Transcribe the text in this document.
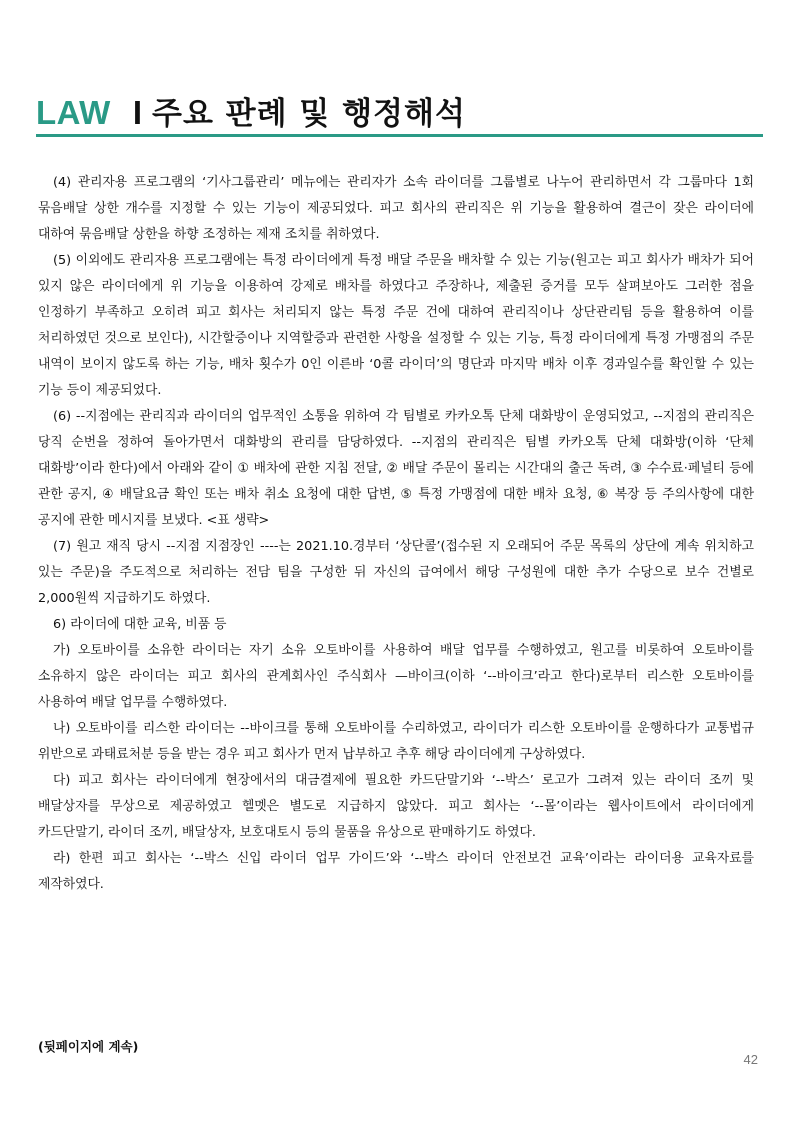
LAW I 주요 판례 및 행정해석

(4) 관리자용 프로그램의 ‘기사그룹관리’ 메뉴에는 관리자가 소속 라이더를 그룹별로 나누어 관리하면서 각 그룹마다 1회 묶음배달 상한 개수를 지정할 수 있는 기능이 제공되었다. 피고 회사의 관리직은 위 기능을 활용하여 결근이 잦은 라이더에 대하여 묶음배달 상한을 하향 조정하는 제재 조치를 취하였다.

(5) 이외에도 관리자용 프로그램에는 특정 라이더에게 특정 배달 주문을 배차할 수 있는 기능(원고는 피고 회사가 배차가 되어 있지 않은 라이더에게 위 기능을 이용하여 강제로 배차를 하였다고 주장하나, 제출된 증거를 모두 살펴보아도 그러한 점을 인정하기 부족하고 오히려 피고 회사는 처리되지 않는 특정 주문 건에 대하여 관리직이나 상단관리팀 등을 활용하여 이를 처리하였던 것으로 보인다), 시간할증이나 지역할증과 관련한 사항을 설정할 수 있는 기능, 특정 라이더에게 특정 가맹점의 주문 내역이 보이지 않도록 하는 기능, 배차 횟수가 0인 이른바 ‘0콜 라이더’의 명단과 마지막 배차 이후 경과일수를 확인할 수 있는 기능 등이 제공되었다.

(6) --지점에는 관리직과 라이더의 업무적인 소통을 위하여 각 팀별로 카카오톡 단체 대화방이 운영되었고, --지점의 관리직은 당직 순번을 정하여 돌아가면서 대화방의 관리를 담당하였다. --지점의 관리직은 팀별 카카오톡 단체 대화방(이하 ‘단체 대화방’이라 한다)에서 아래와 같이 ① 배차에 관한 지침 전달, ② 배달 주문이 몰리는 시간대의 출근 독려, ③ 수수료·페널티 등에 관한 공지, ④ 배달요금 확인 또는 배차 취소 요청에 대한 답변, ⑤ 특정 가맹점에 대한 배차 요청, ⑥ 복장 등 주의사항에 대한 공지에 관한 메시지를 보냈다. <표 생략>

(7) 원고 재직 당시 --지점 지점장인 ----는 2021.10.경부터 ‘상단콜’(접수된 지 오래되어 주문 목록의 상단에 계속 위치하고 있는 주문)을 주도적으로 처리하는 전담 팀을 구성한 뒤 자신의 급여에서 해당 구성원에 대한 추가 수당으로 보수 건별로 2,000원씩 지급하기도 하였다.

6) 라이더에 대한 교육, 비품 등

가) 오토바이를 소유한 라이더는 자기 소유 오토바이를 사용하여 배달 업무를 수행하였고, 원고를 비롯하여 오토바이를 소유하지 않은 라이더는 피고 회사의 관계회사인 주식회사 —바이크(이하 ‘--바이크’라고 한다)로부터 리스한 오토바이를 사용하여 배달 업무를 수행하였다.

나) 오토바이를 리스한 라이더는 --바이크를 통해 오토바이를 수리하였고, 라이더가 리스한 오토바이를 운행하다가 교통법규 위반으로 과태료처분 등을 받는 경우 피고 회사가 먼저 납부하고 추후 해당 라이더에게 구상하였다.

다) 피고 회사는 라이더에게 현장에서의 대금결제에 필요한 카드단말기와 ‘--박스’ 로고가 그려져 있는 라이더 조끼 및 배달상자를 무상으로 제공하였고 헬멧은 별도로 지급하지 않았다. 피고 회사는 ‘--몰’이라는 웹사이트에서 라이더에게 카드단말기, 라이더 조끼, 배달상자, 보호대토시 등의 물품을 유상으로 판매하기도 하였다.

라) 한편 피고 회사는 ‘--박스 신입 라이더 업무 가이드’와 ‘--박스 라이더 안전보건 교육’이라는 라이더용 교육자료를 제작하였다.

(뒷페이지에 계속)
42
